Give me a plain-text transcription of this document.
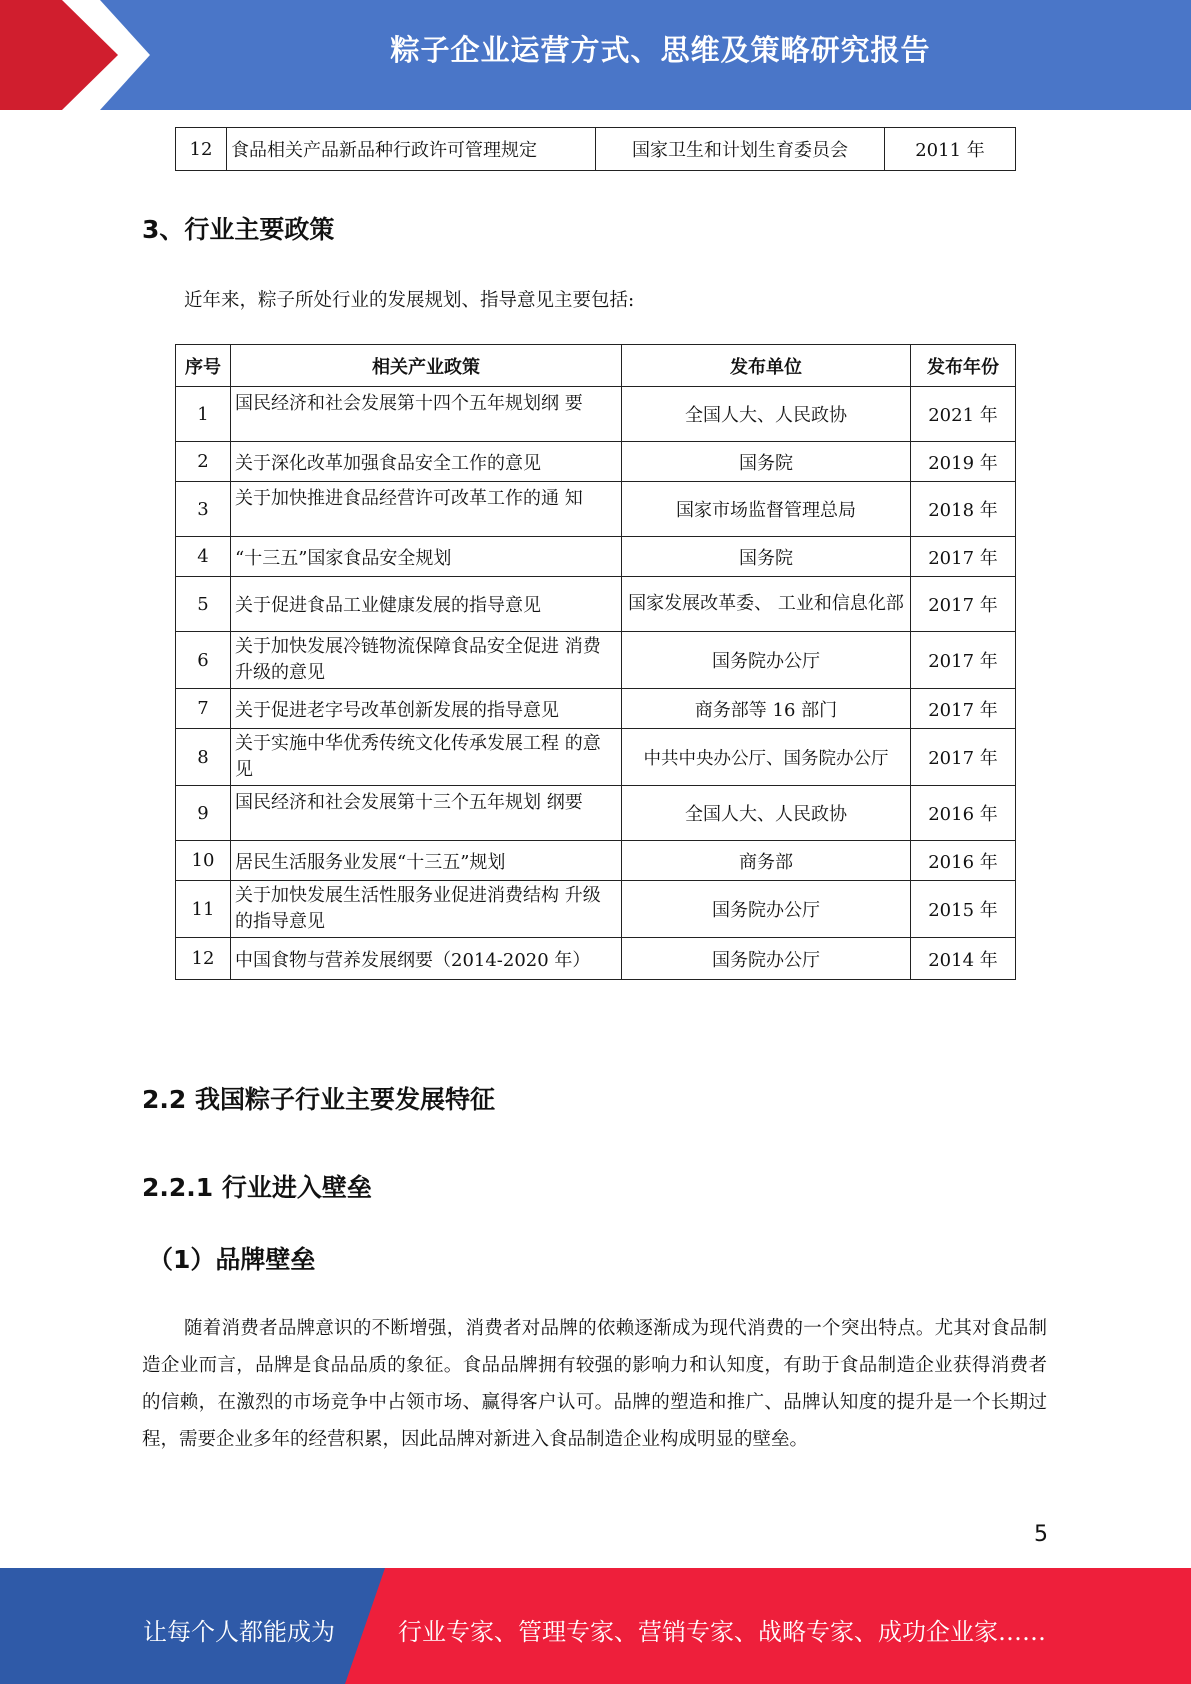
粽子企业运营方式、思维及策略研究报告
12	食品相关产品新品种行政许可管理规定	国家卫生和计划生育委员会	2011 年
3、行业主要政策
近年来，粽子所处行业的发展规划、指导意见主要包括:
序号	相关产业政策	发布单位	发布年份
1	国民经济和社会发展第十四个五年规划纲 要	全国人大、人民政协	2021 年
2	关于深化改革加强食品安全工作的意见	国务院	2019 年
3	关于加快推进食品经营许可改革工作的通 知	国家市场监督管理总局	2018 年
4	“十三五”国家食品安全规划	国务院	2017 年
5	关于促进食品工业健康发展的指导意见	国家发展改革委、 工业和信息化部	2017 年
6	关于加快发展冷链物流保障食品安全促进 消费升级的意见	国务院办公厅	2017 年
7	关于促进老字号改革创新发展的指导意见	商务部等 16 部门	2017 年
8	关于实施中华优秀传统文化传承发展工程 的意见	中共中央办公厅、国务院办公厅	2017 年
9	国民经济和社会发展第十三个五年规划 纲要	全国人大、人民政协	2016 年
10	居民生活服务业发展“十三五”规划	商务部	2016 年
11	关于加快发展生活性服务业促进消费结构 升级的指导意见	国务院办公厅	2015 年
12	中国食物与营养发展纲要（2014-2020 年）	国务院办公厅	2014 年
2.2 我国粽子行业主要发展特征
2.2.1 行业进入壁垒
（1）品牌壁垒
随着消费者品牌意识的不断增强，消费者对品牌的依赖逐渐成为现代消费的一个突出特点。尤其对食品制造企业而言，品牌是食品品质的象征。食品品牌拥有较强的影响力和认知度，有助于食品制造企业获得消费者的信赖，在激烈的市场竞争中占领市场、赢得客户认可。品牌的塑造和推广、品牌认知度的提升是一个长期过程，需要企业多年的经营积累，因此品牌对新进入食品制造企业构成明显的壁垒。
5
让每个人都能成为	行业专家、管理专家、营销专家、战略专家、成功企业家……
